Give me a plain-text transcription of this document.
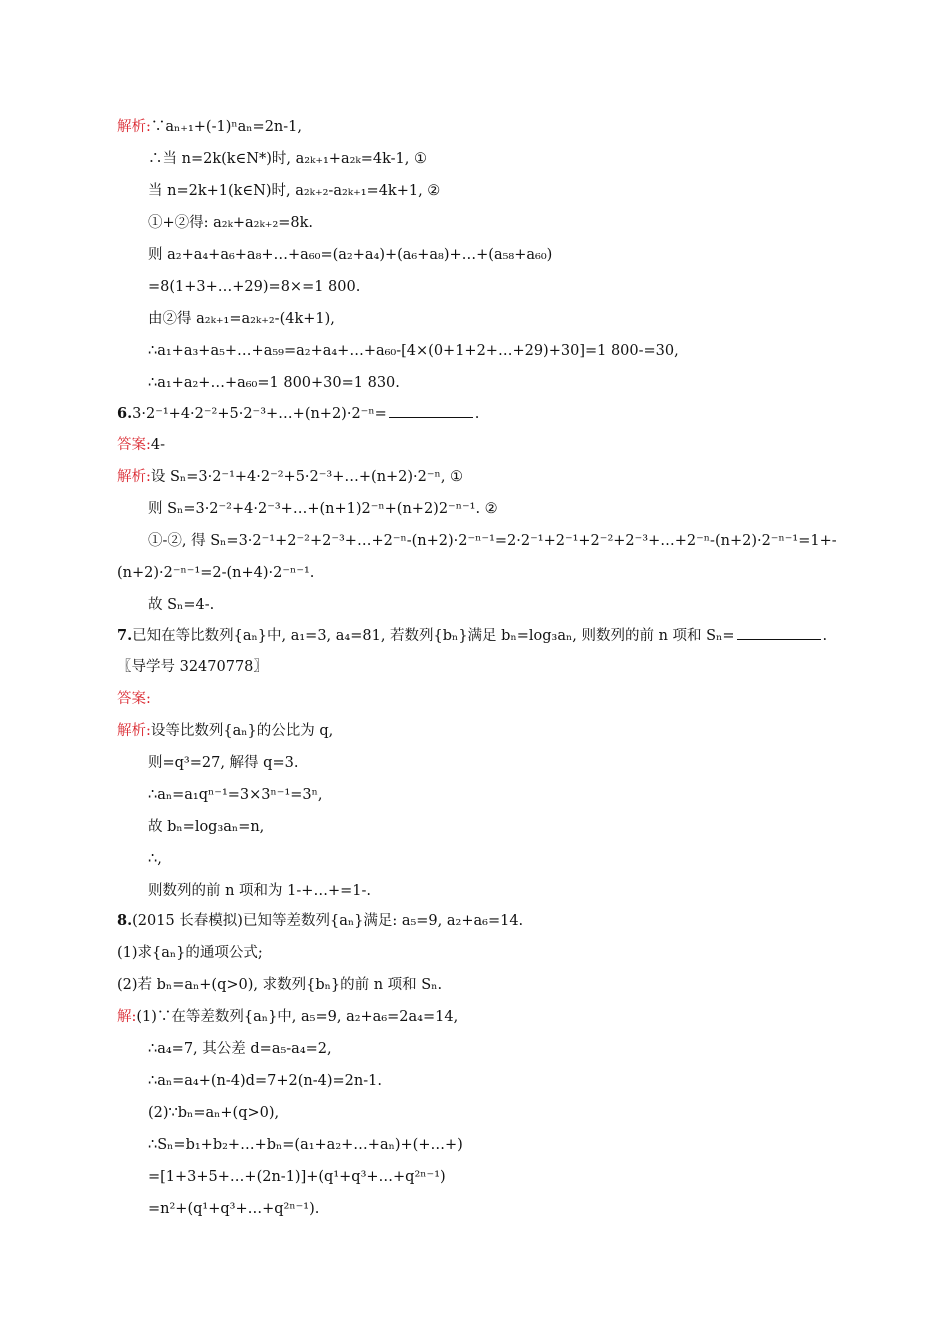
解析:∵aₙ₊₁+(-1)ⁿaₙ=2n-1,
∴当 n=2k(k∈N*)时, a₂ₖ₊₁+a₂ₖ=4k-1, ①
当 n=2k+1(k∈N)时, a₂ₖ₊₂-a₂ₖ₊₁=4k+1, ②
①+②得: a₂ₖ+a₂ₖ₊₂=8k.
则 a₂+a₄+a₆+a₈+…+a₆₀=(a₂+a₄)+(a₆+a₈)+…+(a₅₈+a₆₀)
=8(1+3+…+29)=8×=1 800.
由②得 a₂ₖ₊₁=a₂ₖ₊₂-(4k+1),
∴a₁+a₃+a₅+…+a₅₉=a₂+a₄+…+a₆₀-[4×(0+1+2+…+29)+30]=1 800-=30,
∴a₁+a₂+…+a₆₀=1 800+30=1 830.
6.3·2⁻¹+4·2⁻²+5·2⁻³+…+(n+2)·2⁻ⁿ=	.
答案:4-
解析:设 Sₙ=3·2⁻¹+4·2⁻²+5·2⁻³+…+(n+2)·2⁻ⁿ, ①
则 Sₙ=3·2⁻²+4·2⁻³+…+(n+1)2⁻ⁿ+(n+2)2⁻ⁿ⁻¹. ②
①-②, 得 Sₙ=3·2⁻¹+2⁻²+2⁻³+…+2⁻ⁿ-(n+2)·2⁻ⁿ⁻¹=2·2⁻¹+2⁻¹+2⁻²+2⁻³+…+2⁻ⁿ-(n+2)·2⁻ⁿ⁻¹=1+-
(n+2)·2⁻ⁿ⁻¹=2-(n+4)·2⁻ⁿ⁻¹.
故 Sₙ=4-.
7.已知在等比数列{aₙ}中, a₁=3, a₄=81, 若数列{bₙ}满足 bₙ=log₃aₙ, 则数列的前 n 项和 Sₙ=	.
〖导学号 32470778〗
答案:
解析:设等比数列{aₙ}的公比为 q,
则=q³=27, 解得 q=3.
∴aₙ=a₁qⁿ⁻¹=3×3ⁿ⁻¹=3ⁿ,
故 bₙ=log₃aₙ=n,
∴,
则数列的前 n 项和为 1-+…+=1-.
8.(2015 长春模拟)已知等差数列{aₙ}满足: a₅=9, a₂+a₆=14.
(1)求{aₙ}的通项公式;
(2)若 bₙ=aₙ+(q>0), 求数列{bₙ}的前 n 项和 Sₙ.
解:(1)∵在等差数列{aₙ}中, a₅=9, a₂+a₆=2a₄=14,
∴a₄=7, 其公差 d=a₅-a₄=2,
∴aₙ=a₄+(n-4)d=7+2(n-4)=2n-1.
(2)∵bₙ=aₙ+(q>0),
∴Sₙ=b₁+b₂+…+bₙ=(a₁+a₂+…+aₙ)+(+…+)
=[1+3+5+…+(2n-1)]+(q¹+q³+…+q²ⁿ⁻¹)
=n²+(q¹+q³+…+q²ⁿ⁻¹).
